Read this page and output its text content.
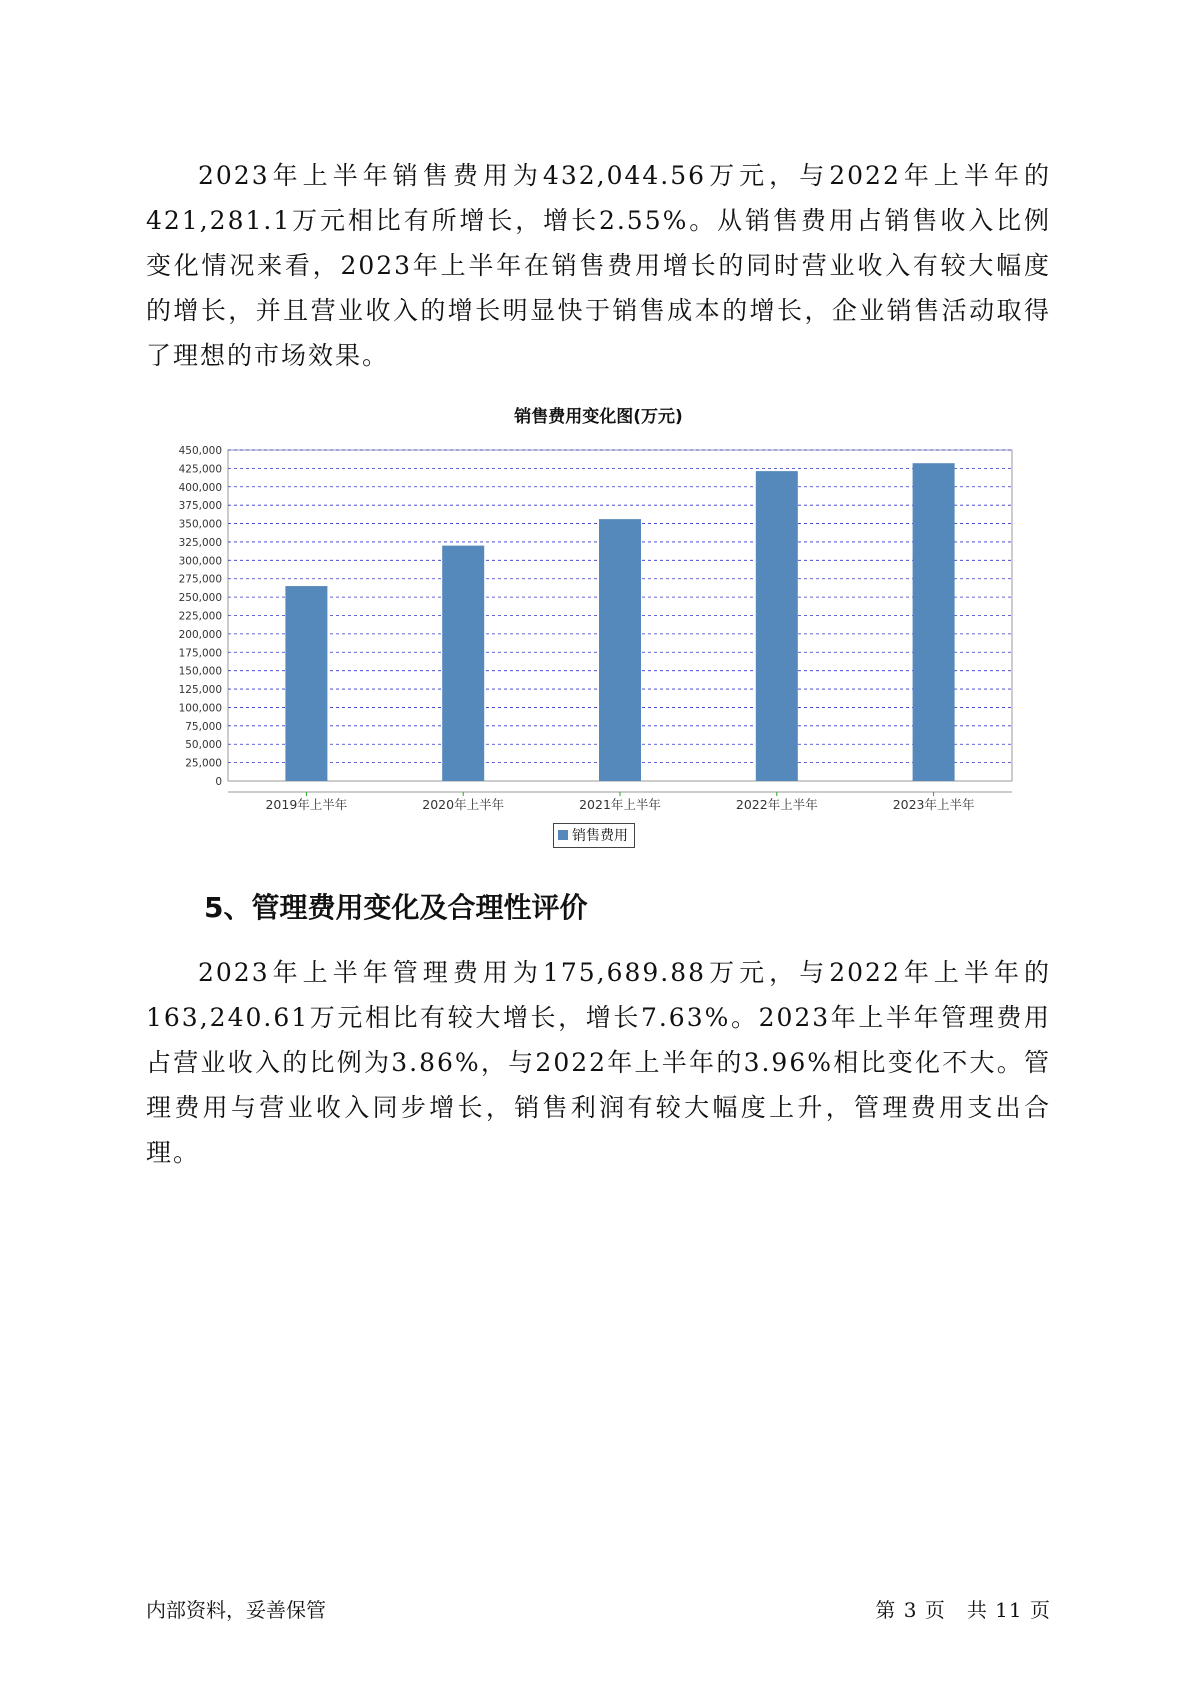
2023年上半年销售费用为432,044.56万元，与2022年上半年的421,281.1万元相比有所增长，增长2.55%。从销售费用占销售收入比例变化情况来看，2023年上半年在销售费用增长的同时营业收入有较大幅度的增长，并且营业收入的增长明显快于销售成本的增长，企业销售活动取得了理想的市场效果。

销售费用变化图(万元)
0
25,000
50,000
75,000
100,000
125,000
150,000
175,000
200,000
225,000
250,000
275,000
300,000
325,000
350,000
375,000
400,000
425,000
450,000
2019年上半年	2020年上半年	2021年上半年	2022年上半年	2023年上半年
销售费用
5、管理费用变化及合理性评价

2023年上半年管理费用为175,689.88万元，与2022年上半年的163,240.61万元相比有较大增长，增长7.63%。2023年上半年管理费用占营业收入的比例为3.86%，与2022年上半年的3.96%相比变化不大。管理费用与营业收入同步增长，销售利润有较大幅度上升，管理费用支出合理。

内部资料，妥善保管	第 3 页　共 11 页
